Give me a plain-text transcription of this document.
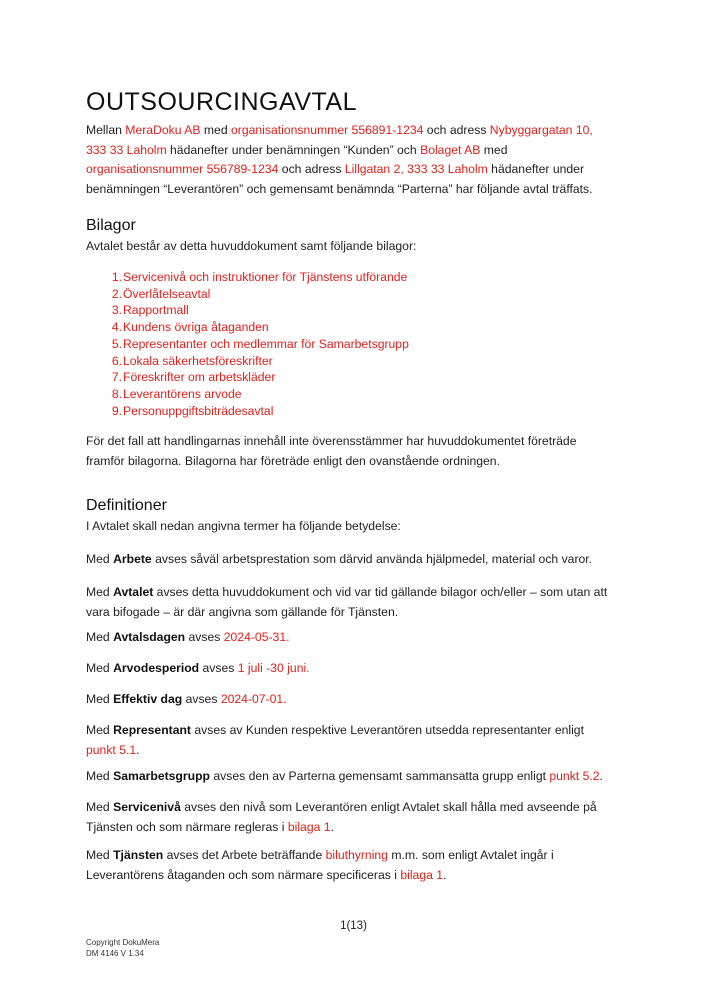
OUTSOURCINGAVTAL

Mellan MeraDoku AB med organisationsnummer 556891-1234 och adress Nybyggargatan 10, 333 33 Laholm hädanefter under benämningen “Kunden” och Bolaget AB med organisationsnummer 556789-1234 och adress Lillgatan 2, 333 33 Laholm hädanefter under benämningen “Leverantören” och gemensamt benämnda “Parterna” har följande avtal träffats.

Bilagor

Avtalet består av detta huvuddokument samt följande bilagor:

1. Servicenivå och instruktioner för Tjänstens utförande
2. Överlåtelseavtal
3. Rapportmall
4. Kundens övriga åtaganden
5. Representanter och medlemmar för Samarbetsgrupp
6. Lokala säkerhetsföreskrifter
7. Föreskrifter om arbetskläder
8. Leverantörens arvode
9. Personuppgiftsbiträdesavtal

För det fall att handlingarnas innehåll inte överensstämmer har huvuddokumentet företräde framför bilagorna. Bilagorna har företräde enligt den ovanstående ordningen.

Definitioner

I Avtalet skall nedan angivna termer ha följande betydelse:

Med Arbete avses såväl arbetsprestation som därvid använda hjälpmedel, material och varor.

Med Avtalet avses detta huvuddokument och vid var tid gällande bilagor och/eller – som utan att vara bifogade – är där angivna som gällande för Tjänsten.

Med Avtalsdagen avses 2024-05-31.

Med Arvodesperiod avses 1 juli -30 juni.

Med Effektiv dag avses 2024-07-01.

Med Representant avses av Kunden respektive Leverantören utsedda representanter enligt punkt 5.1.

Med Samarbetsgrupp avses den av Parterna gemensamt sammansatta grupp enligt punkt 5.2.

Med Servicenivå avses den nivå som Leverantören enligt Avtalet skall hålla med avseende på Tjänsten och som närmare regleras i bilaga 1.

Med Tjänsten avses det Arbete beträffande biluthyrning m.m. som enligt Avtalet ingår i Leverantörens åtaganden och som närmare specificeras i bilaga 1.

1(13)
Copyright DokuMera
DM 4146 V 1.34
